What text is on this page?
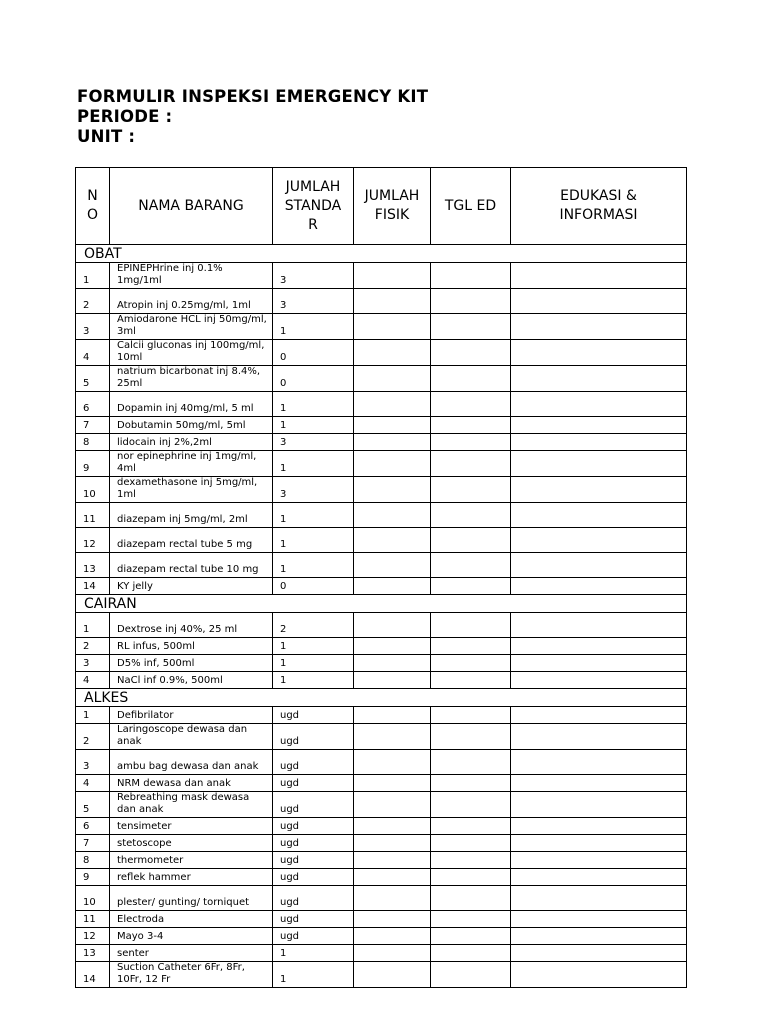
FORMULIR INSPEKSI EMERGENCY KIT
PERIODE :
UNIT :
NO	NAMA BARANG	JUMLAH STANDAR	JUMLAH FISIK	TGL ED	EDUKASI & INFORMASI
OBAT					
1	EPINEPHrine inj 0.1% 1mg/1ml	3			
2	Atropin inj 0.25mg/ml, 1ml	3			
3	Amiodarone HCL inj 50mg/ml, 3ml	1			
4	Calcii gluconas inj 100mg/ml, 10ml	0			
5	natrium bicarbonat inj 8.4%, 25ml	0			
6	Dopamin inj 40mg/ml, 5 ml	1			
7	Dobutamin 50mg/ml, 5ml	1			
8	lidocain inj 2%,2ml	3			
9	nor epinephrine inj 1mg/ml, 4ml	1			
10	dexamethasone inj 5mg/ml, 1ml	3			
11	diazepam inj 5mg/ml, 2ml	1			
12	diazepam rectal tube 5 mg	1			
13	diazepam rectal tube 10 mg	1			
14	KY jelly	0			
CAIRAN					
1	Dextrose inj 40%, 25 ml	2			
2	RL infus, 500ml	1			
3	D5% inf, 500ml	1			
4	NaCl inf 0.9%, 500ml	1			
ALKES					
1	Defibrilator	ugd			
2	Laringoscope dewasa dan anak	ugd			
3	ambu bag dewasa dan anak	ugd			
4	NRM dewasa dan anak	ugd			
5	Rebreathing mask dewasa dan anak	ugd			
6	tensimeter	ugd			
7	stetoscope	ugd			
8	thermometer	ugd			
9	reflek hammer	ugd			
10	plester/ gunting/ torniquet	ugd			
11	Electroda	ugd			
12	Mayo 3-4	ugd			
13	senter	1			
14	Suction Catheter 6Fr, 8Fr, 10Fr, 12 Fr	1			
